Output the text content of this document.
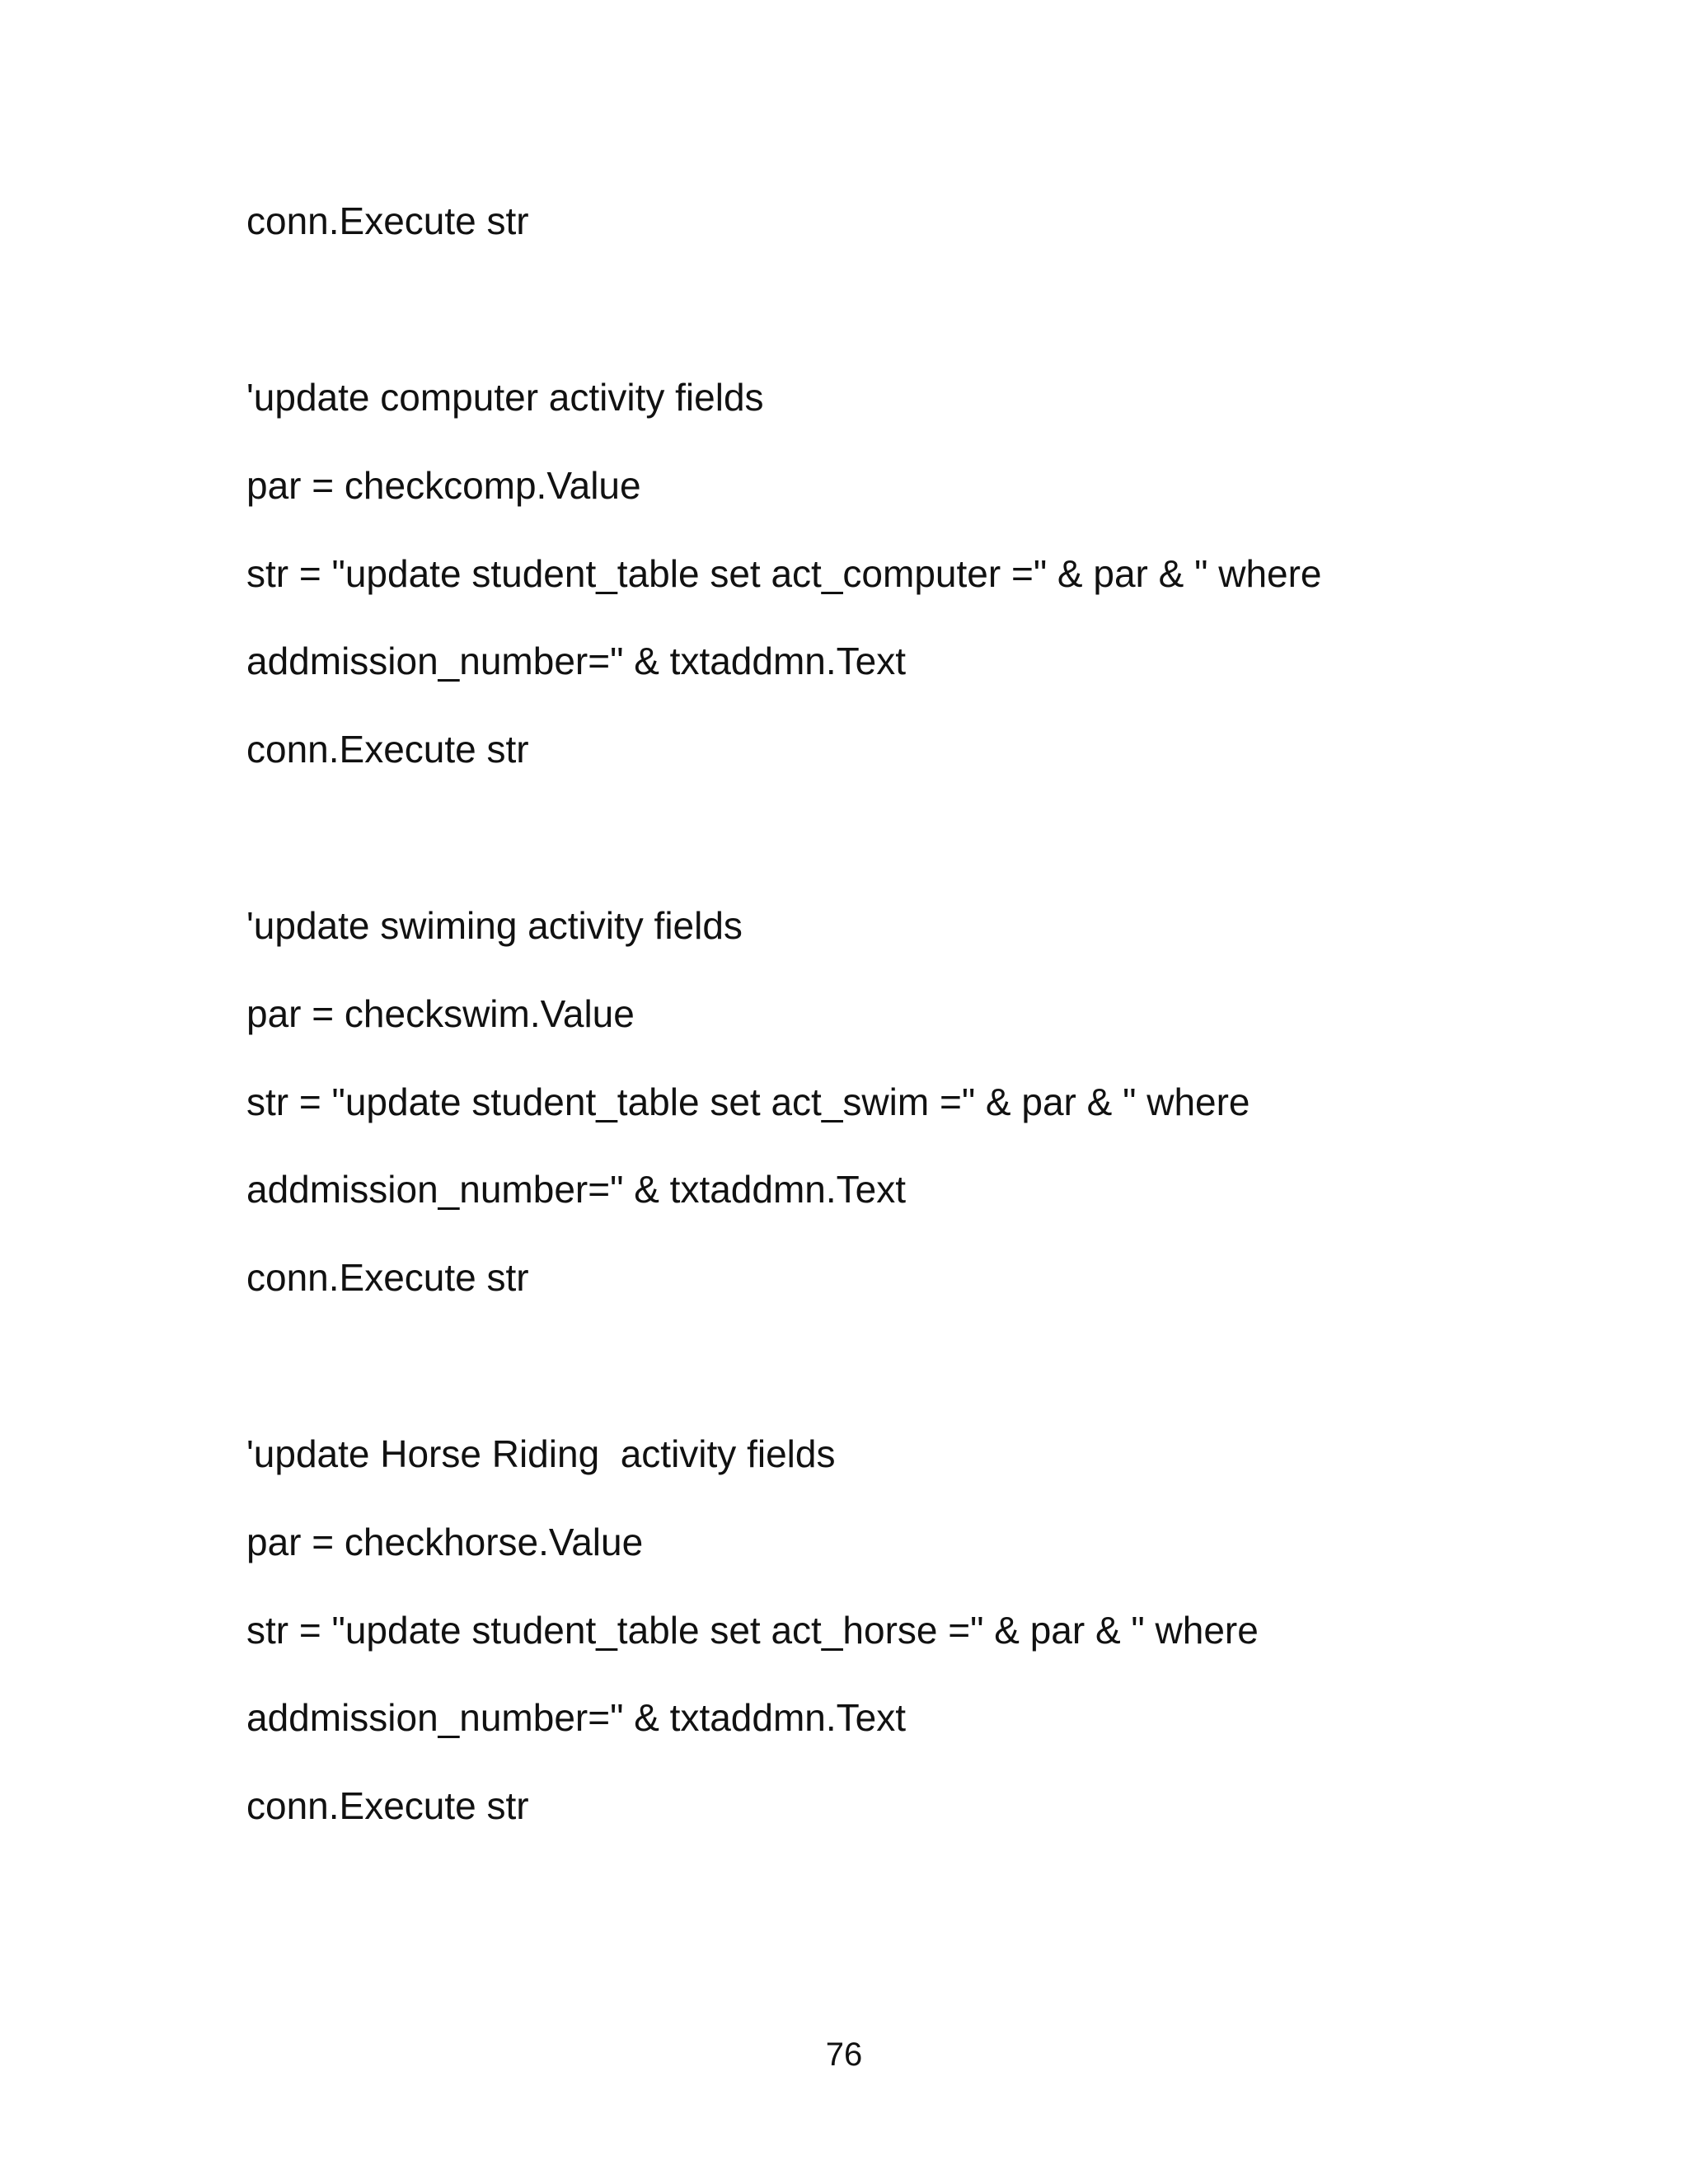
conn.Execute str
'update computer activity fields
par = checkcomp.Value
str = "update student_table set act_computer =" & par & " where
addmission_number=" & txtaddmn.Text
conn.Execute str
'update swiming activity fields
par = checkswim.Value
str = "update student_table set act_swim =" & par & " where
addmission_number=" & txtaddmn.Text
conn.Execute str
'update Horse Riding  activity fields
par = checkhorse.Value
str = "update student_table set act_horse =" & par & " where
addmission_number=" & txtaddmn.Text
conn.Execute str
76
